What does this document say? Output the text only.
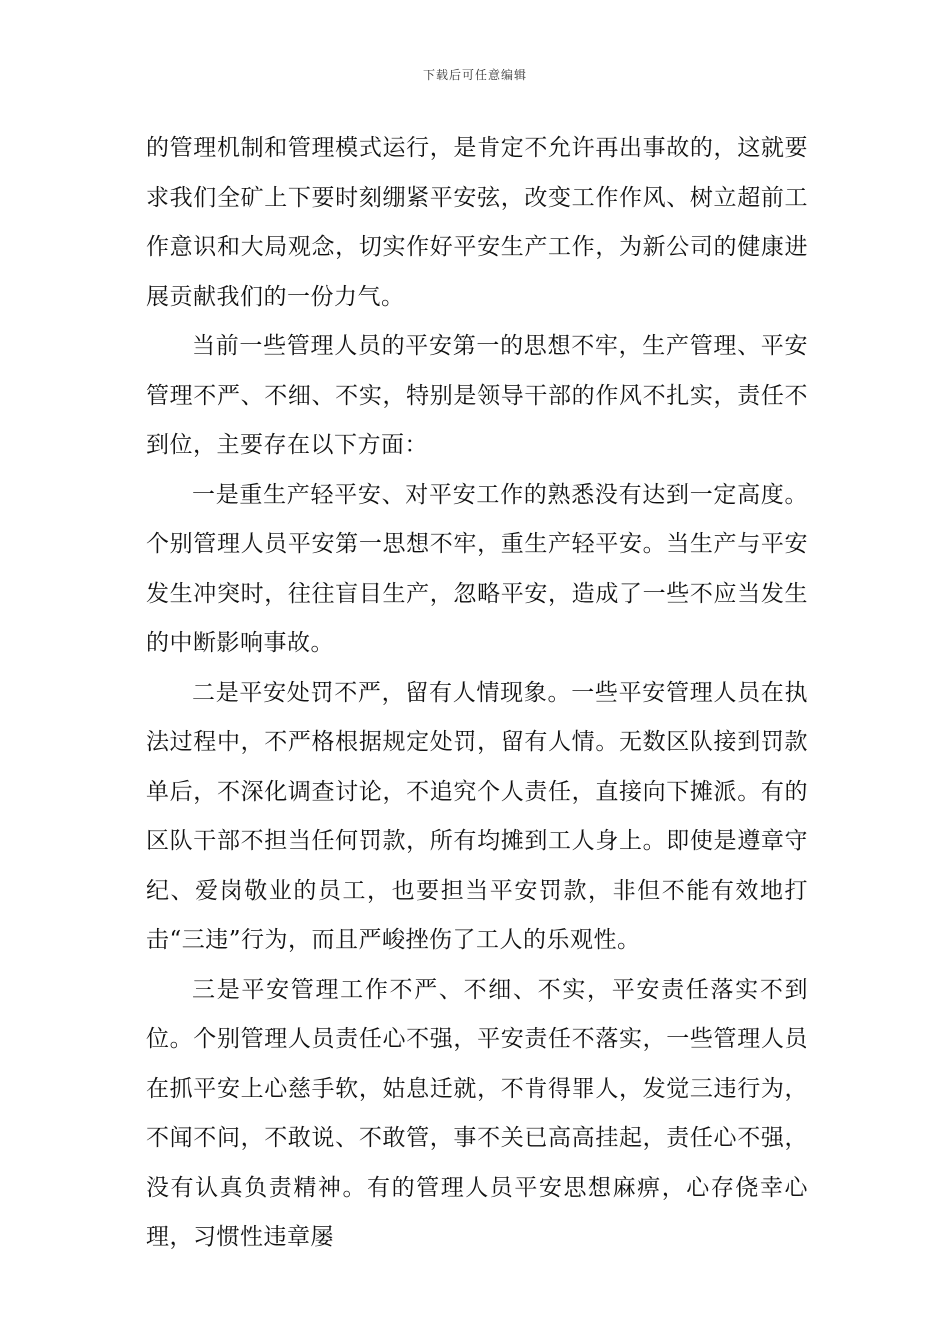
下载后可任意编辑

的管理机制和管理模式运行，是肯定不允许再出事故的，这就要求我们全矿上下要时刻绷紧平安弦，改变工作作风、树立超前工作意识和大局观念，切实作好平安生产工作，为新公司的健康进展贡献我们的一份力气。

当前一些管理人员的平安第一的思想不牢，生产管理、平安管理不严、不细、不实，特别是领导干部的作风不扎实，责任不到位，主要存在以下方面：

一是重生产轻平安、对平安工作的熟悉没有达到一定高度。个别管理人员平安第一思想不牢，重生产轻平安。当生产与平安发生冲突时，往往盲目生产，忽略平安，造成了一些不应当发生的中断影响事故。

二是平安处罚不严，留有人情现象。一些平安管理人员在执法过程中，不严格根据规定处罚，留有人情。无数区队接到罚款单后，不深化调查讨论，不追究个人责任，直接向下摊派。有的区队干部不担当任何罚款，所有均摊到工人身上。即使是遵章守纪、爱岗敬业的员工，也要担当平安罚款，非但不能有效地打击“三违”行为，而且严峻挫伤了工人的乐观性。

三是平安管理工作不严、不细、不实，平安责任落实不到位。个别管理人员责任心不强，平安责任不落实，一些管理人员在抓平安上心慈手软，姑息迁就，不肯得罪人，发觉三违行为，不闻不问，不敢说、不敢管，事不关已高高挂起，责任心不强，没有认真负责精神。有的管理人员平安思想麻痹，心存侥幸心理，习惯性违章屡
